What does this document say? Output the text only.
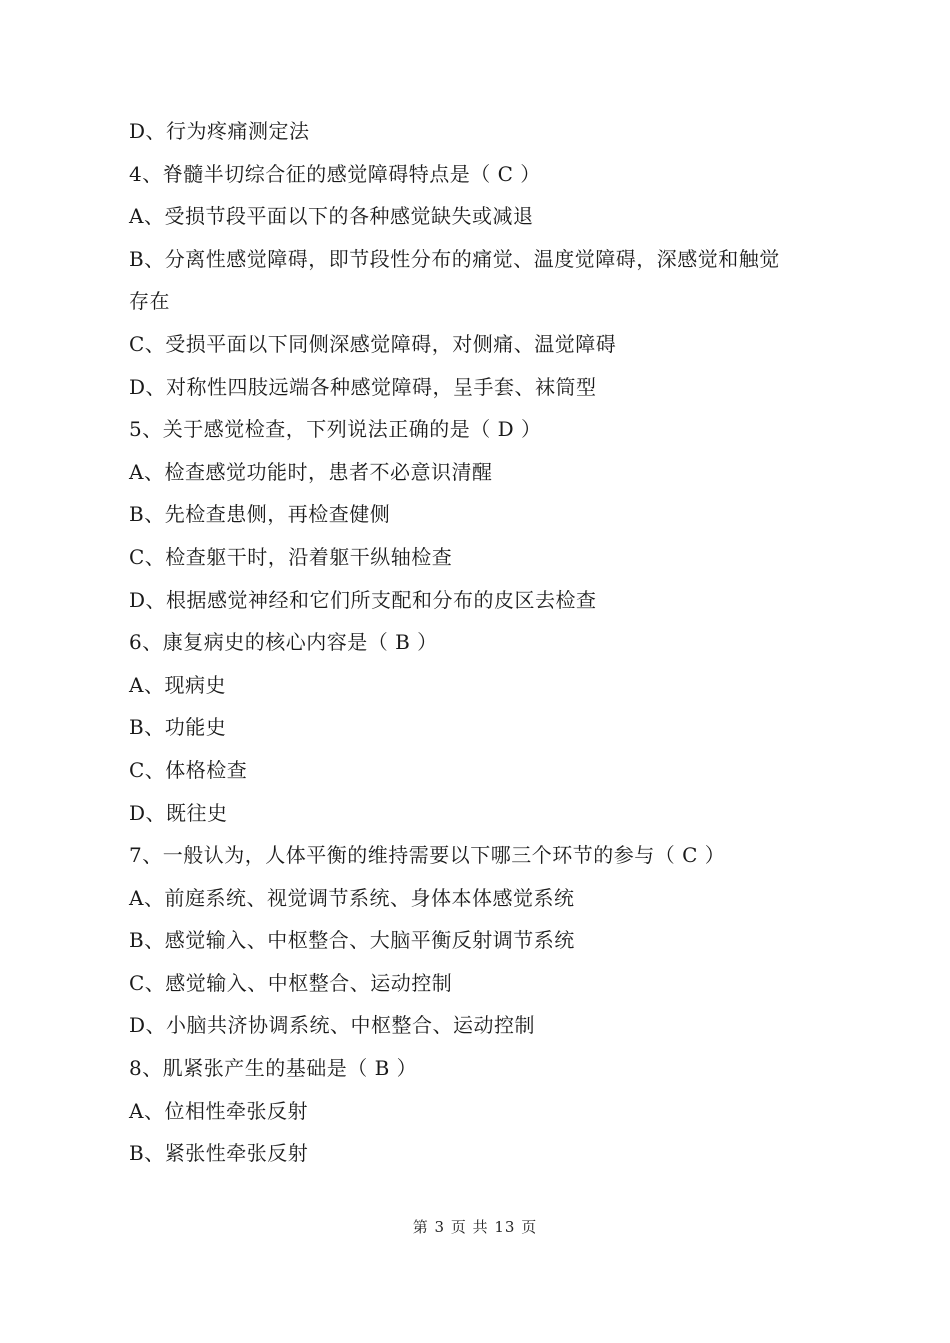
D、行为疼痛测定法
4、脊髓半切综合征的感觉障碍特点是（ C ）
A、受损节段平面以下的各种感觉缺失或减退
B、分离性感觉障碍，即节段性分布的痛觉、温度觉障碍，深感觉和触觉
存在
C、受损平面以下同侧深感觉障碍，对侧痛、温觉障碍
D、对称性四肢远端各种感觉障碍，呈手套、袜筒型
5、关于感觉检查，下列说法正确的是（ D ）
A、检查感觉功能时，患者不必意识清醒
B、先检查患侧，再检查健侧
C、检查躯干时，沿着躯干纵轴检查
D、根据感觉神经和它们所支配和分布的皮区去检查
6、康复病史的核心内容是（ B ）
A、现病史
B、功能史
C、体格检查
D、既往史
7、一般认为，人体平衡的维持需要以下哪三个环节的参与（ C ）
A、前庭系统、视觉调节系统、身体本体感觉系统
B、感觉输入、中枢整合、大脑平衡反射调节系统
C、感觉输入、中枢整合、运动控制
D、小脑共济协调系统、中枢整合、运动控制
8、肌紧张产生的基础是（ B ）
A、位相性牵张反射
B、紧张性牵张反射
第 3 页 共 13 页
